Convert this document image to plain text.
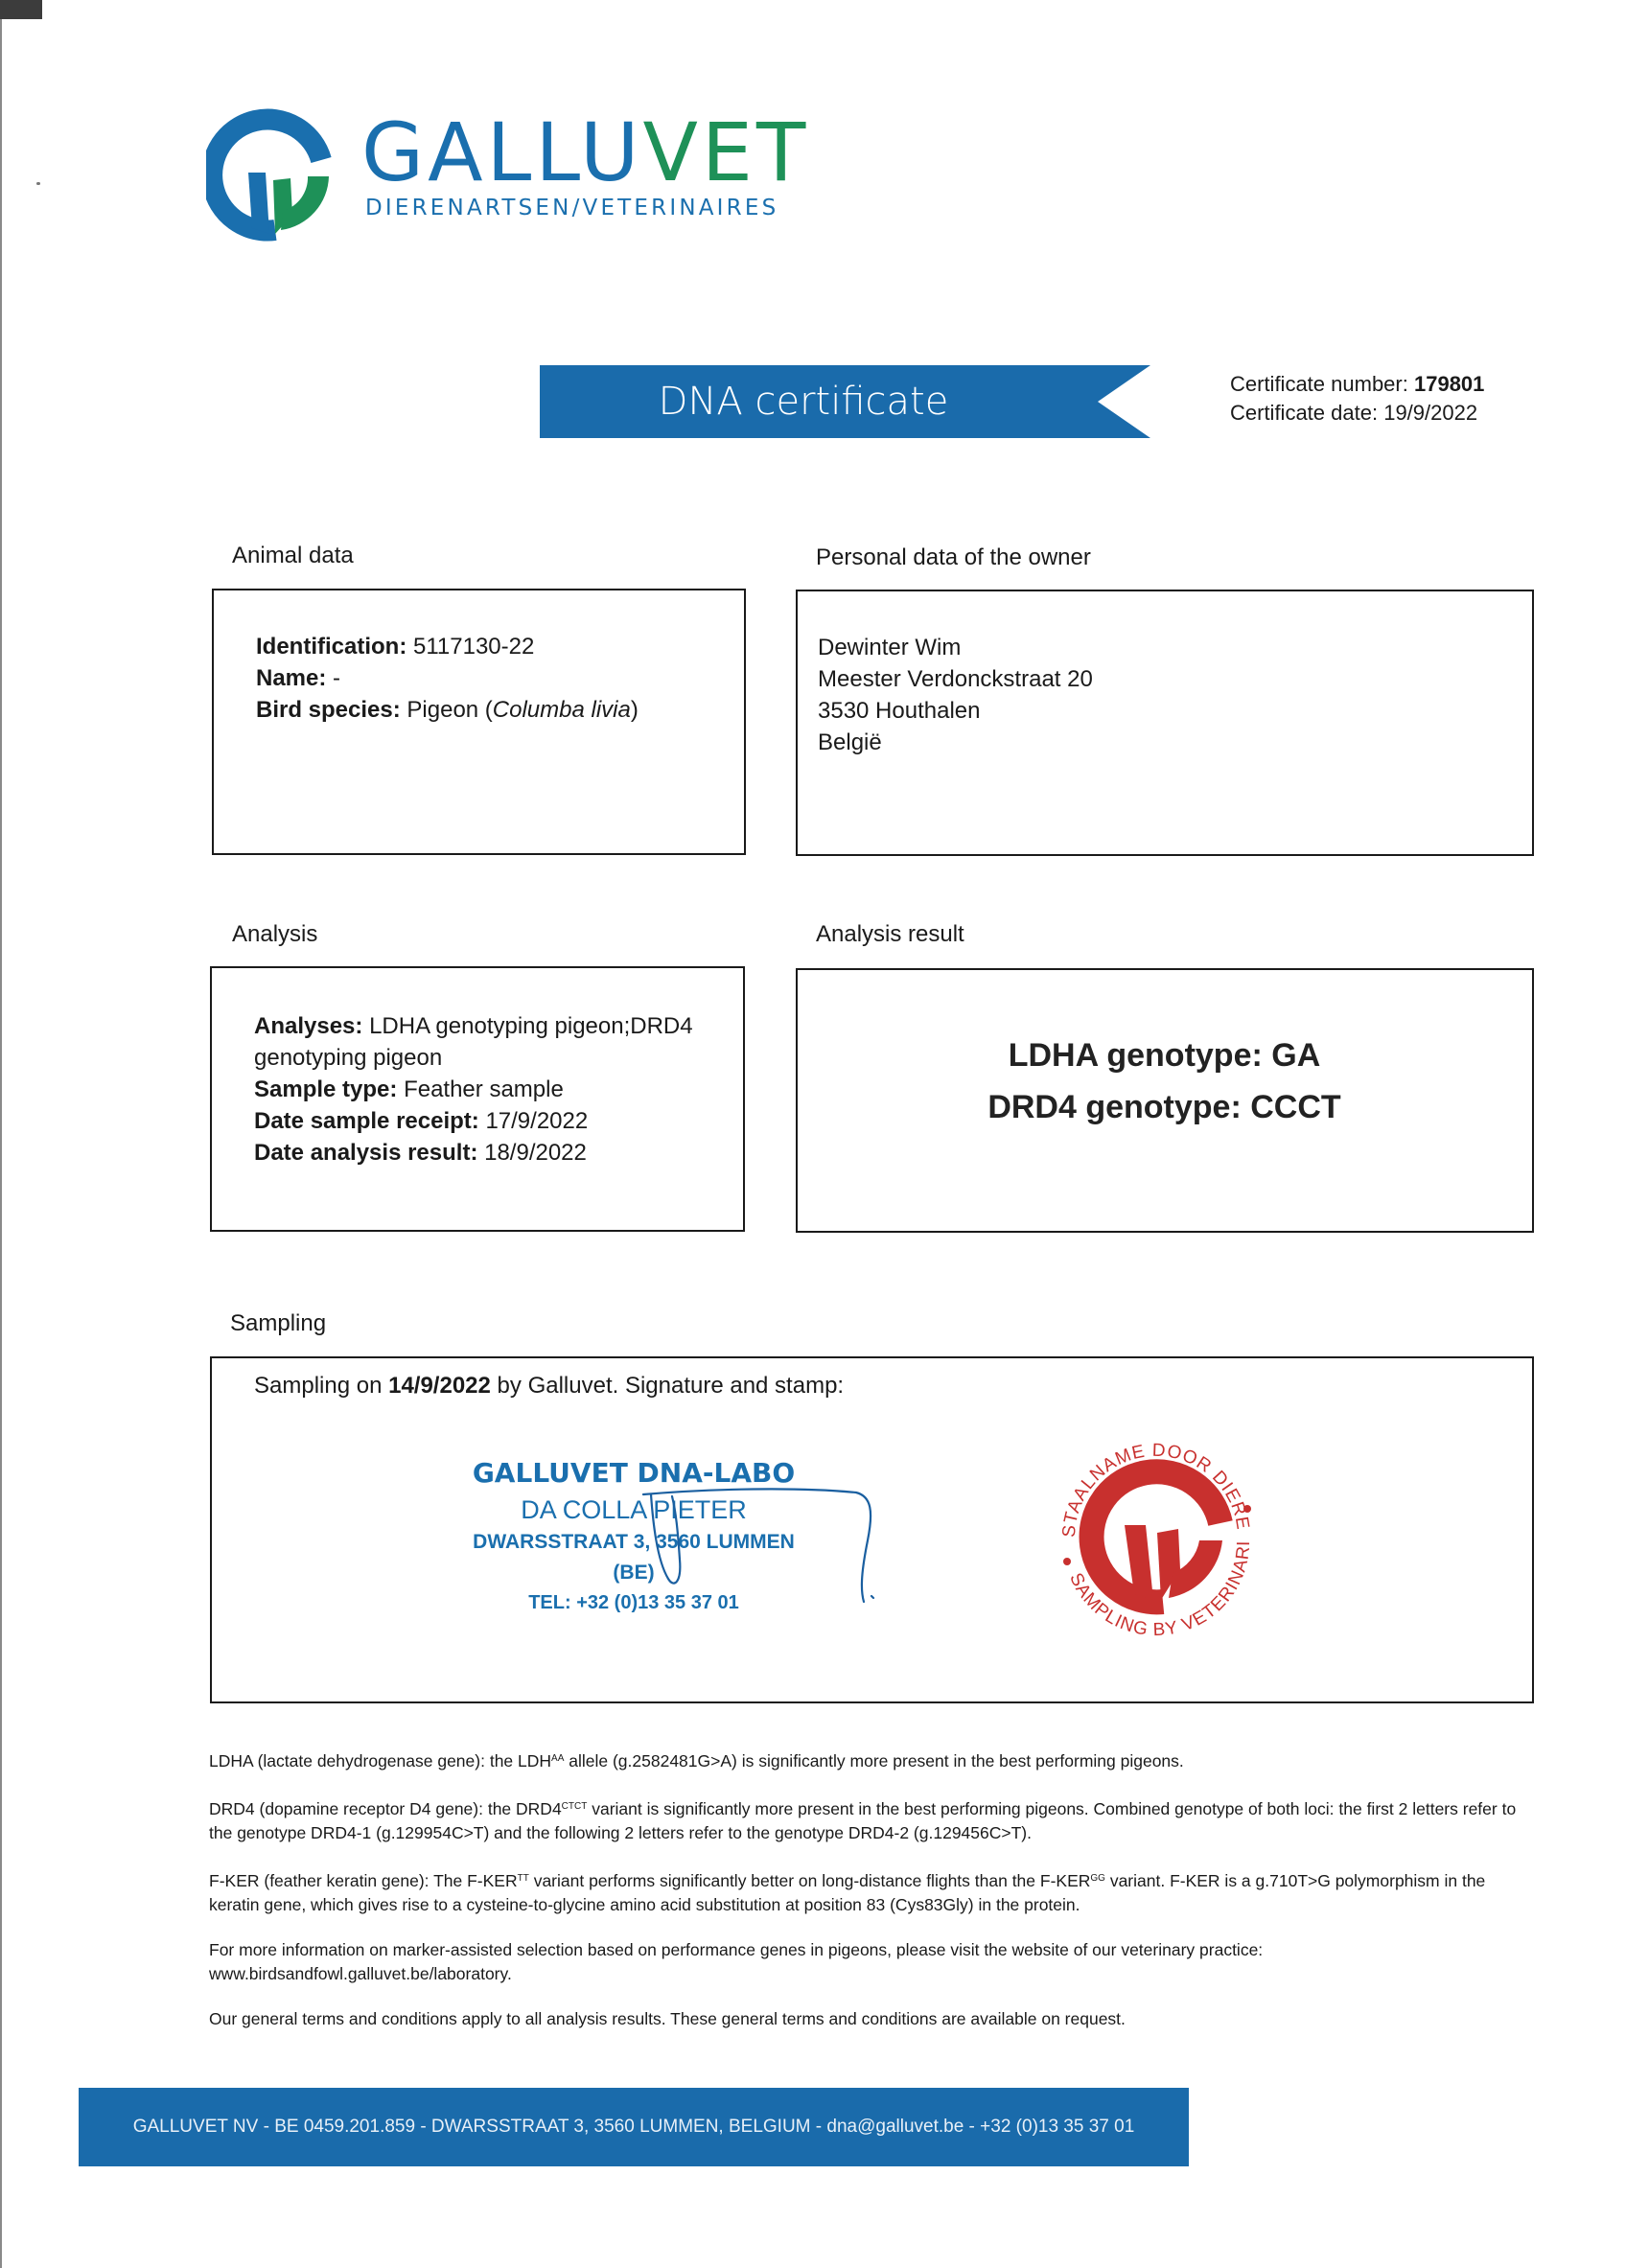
GALLUVET
DIERENARTSEN/VETERINAIRES
DNA certificate	Certificate number: 179801
Certificate date: 19/9/2022
Animal data
Identification: 5117130-22
Name: -
Bird species: Pigeon (Columba livia)
Personal data of the owner
Dewinter Wim
Meester Verdonckstraat 20
3530 Houthalen
België
Analysis
Analyses: LDHA genotyping pigeon;DRD4
genotyping pigeon
Sample type: Feather sample
Date sample receipt: 17/9/2022
Date analysis result: 18/9/2022
Analysis result
LDHA genotype: GA
DRD4 genotype: CCCT
Sampling
Sampling on 14/9/2022 by Galluvet. Signature and stamp:
GALLUVET DNA-LABO
DA COLLA PIETER
DWARSSTRAAT 3, 3560 LUMMEN (BE)
TEL: +32 (0)13 35 37 01
STAALNAME DOOR DIERE
SAMPLING BY VETERINARI

LDHA (lactate dehydrogenase gene): the $LDH^{AA}$ allele (g.2582481G>A) is significantly more present in the best performing pigeons.

DRD4 (dopamine receptor D4 gene): the $DRD4^{CTCT}$ variant is significantly more present in the best performing pigeons. Combined genotype of both loci: the first 2 letters refer to the genotype DRD4-1 (g.129954C>T) and the following 2 letters refer to the genotype DRD4-2 (g.129456C>T).

F-KER (feather keratin gene): The $F-KER^{TT}$ variant performs significantly better on long-distance flights than the $F-KER^{GG}$ variant. F-KER is a g.710T>G polymorphism in the keratin gene, which gives rise to a cysteine-to-glycine amino acid substitution at position 83 (Cys83Gly) in the protein.

For more information on marker-assisted selection based on performance genes in pigeons, please visit the website of our veterinary practice: www.birdsandfowl.galluvet.be/laboratory.

Our general terms and conditions apply to all analysis results. These general terms and conditions are available on request.

GALLUVET NV - BE 0459.201.859 - DWARSSTRAAT 3, 3560 LUMMEN, BELGIUM - dna@galluvet.be - +32 (0)13 35 37 01
